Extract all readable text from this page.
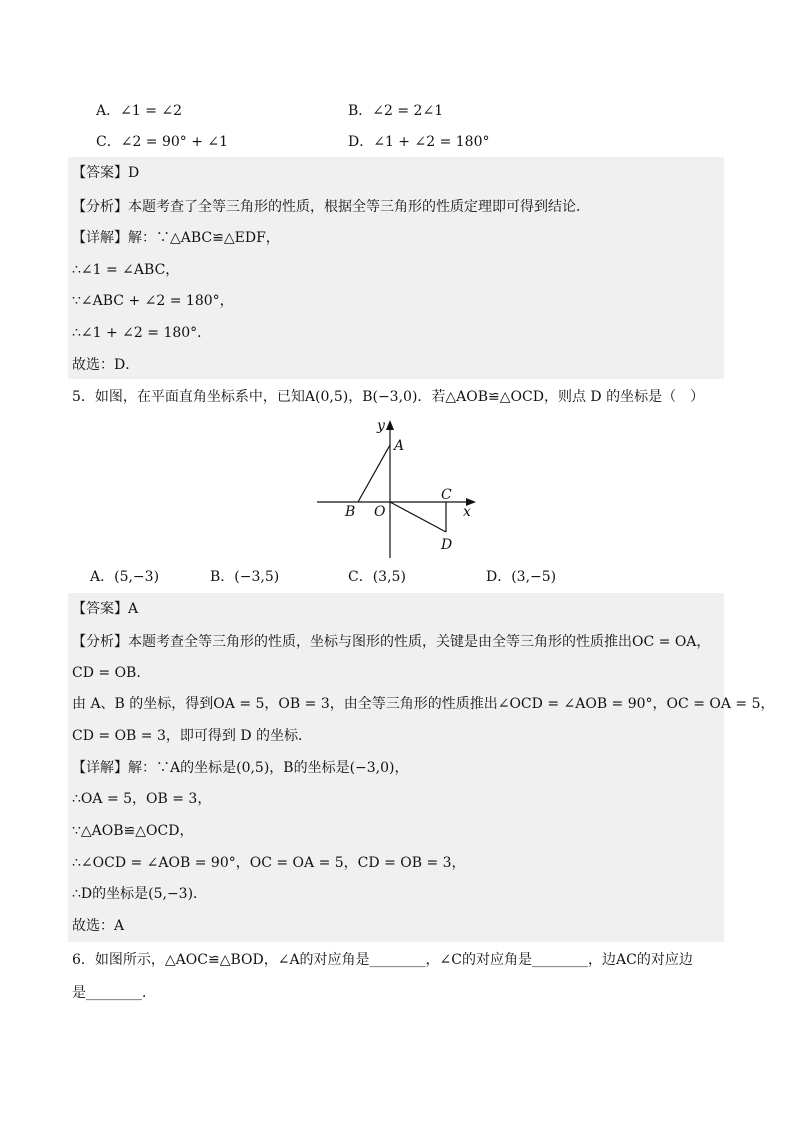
A．∠1 = ∠2	B．∠2 = 2∠1
C．∠2 = 90° + ∠1	D．∠1 + ∠2 = 180°
【答案】D
【分析】本题考查了全等三角形的性质，根据全等三角形的性质定理即可得到结论．
【详解】解：∵△ABC≌△EDF，
∴∠1 = ∠ABC，
∵∠ABC + ∠2 = 180°，
∴∠1 + ∠2 = 180°．
故选：D．
5．如图，在平面直角坐标系中，已知A(0,5)，B(−3,0)．若△AOB≌△OCD，则点 D 的坐标是（　）
y
A
B O
C
x
D
A．(5,−3)	B．(−3,5)	C．(3,5)	D．(3,−5)
【答案】A
【分析】本题考查全等三角形的性质，坐标与图形的性质，关键是由全等三角形的性质推出OC = OA，
CD = OB.
由 A、B 的坐标，得到OA = 5，OB = 3，由全等三角形的性质推出∠OCD = ∠AOB = 90°，OC = OA = 5，
CD = OB = 3，即可得到 D 的坐标．
【详解】解：∵A的坐标是(0,5)，B的坐标是(−3,0)，
∴OA = 5，OB = 3，
∵△AOB≌△OCD，
∴∠OCD = ∠AOB = 90°，OC = OA = 5，CD = OB = 3，
∴D的坐标是(5,−3)．
故选：A
6．如图所示，△AOC≌△BOD，∠A的对应角是________，∠C的对应角是________，边AC的对应边
是________．
